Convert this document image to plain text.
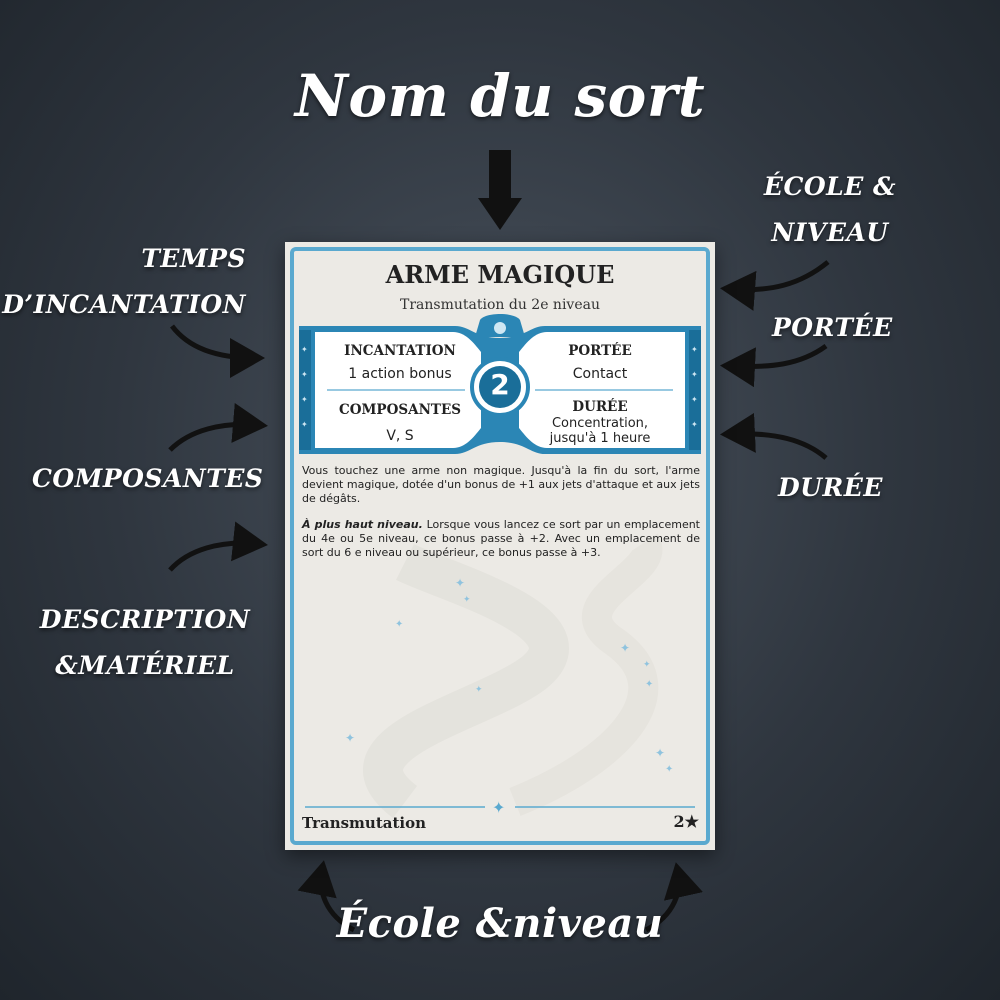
Nom du sort
ÉCOLE &
NIVEAU
PORTÉE
DURÉE
TEMPS
D’INCANTATION
COMPOSANTES
DESCRIPTION
&MATÉRIEL
École &niveau
✦
✦
✦
✦
✦
✦
✦
✦
✦
✦
✦
ARME MAGIQUE
Transmutation du 2e niveau
✦
✦
✦
✦
✦
✦
✦
✦
2
INCANTATION
1 action bonus
COMPOSANTES
V, S
PORTÉE
Contact
DURÉE
Concentration,
jusqu'à 1 heure

Vous touchez une arme non magique. Jusqu'à la fin du sort, l'arme devient magique, dotée d'un bonus de +1 aux jets d'attaque et aux jets de dégâts.

À plus haut niveau. Lorsque vous lancez ce sort par un emplacement du 4e ou 5e niveau, ce bonus passe à +2. Avec un emplacement de sort du 6 e niveau ou supérieur, ce bonus passe à +3.

Transmutation	2★
